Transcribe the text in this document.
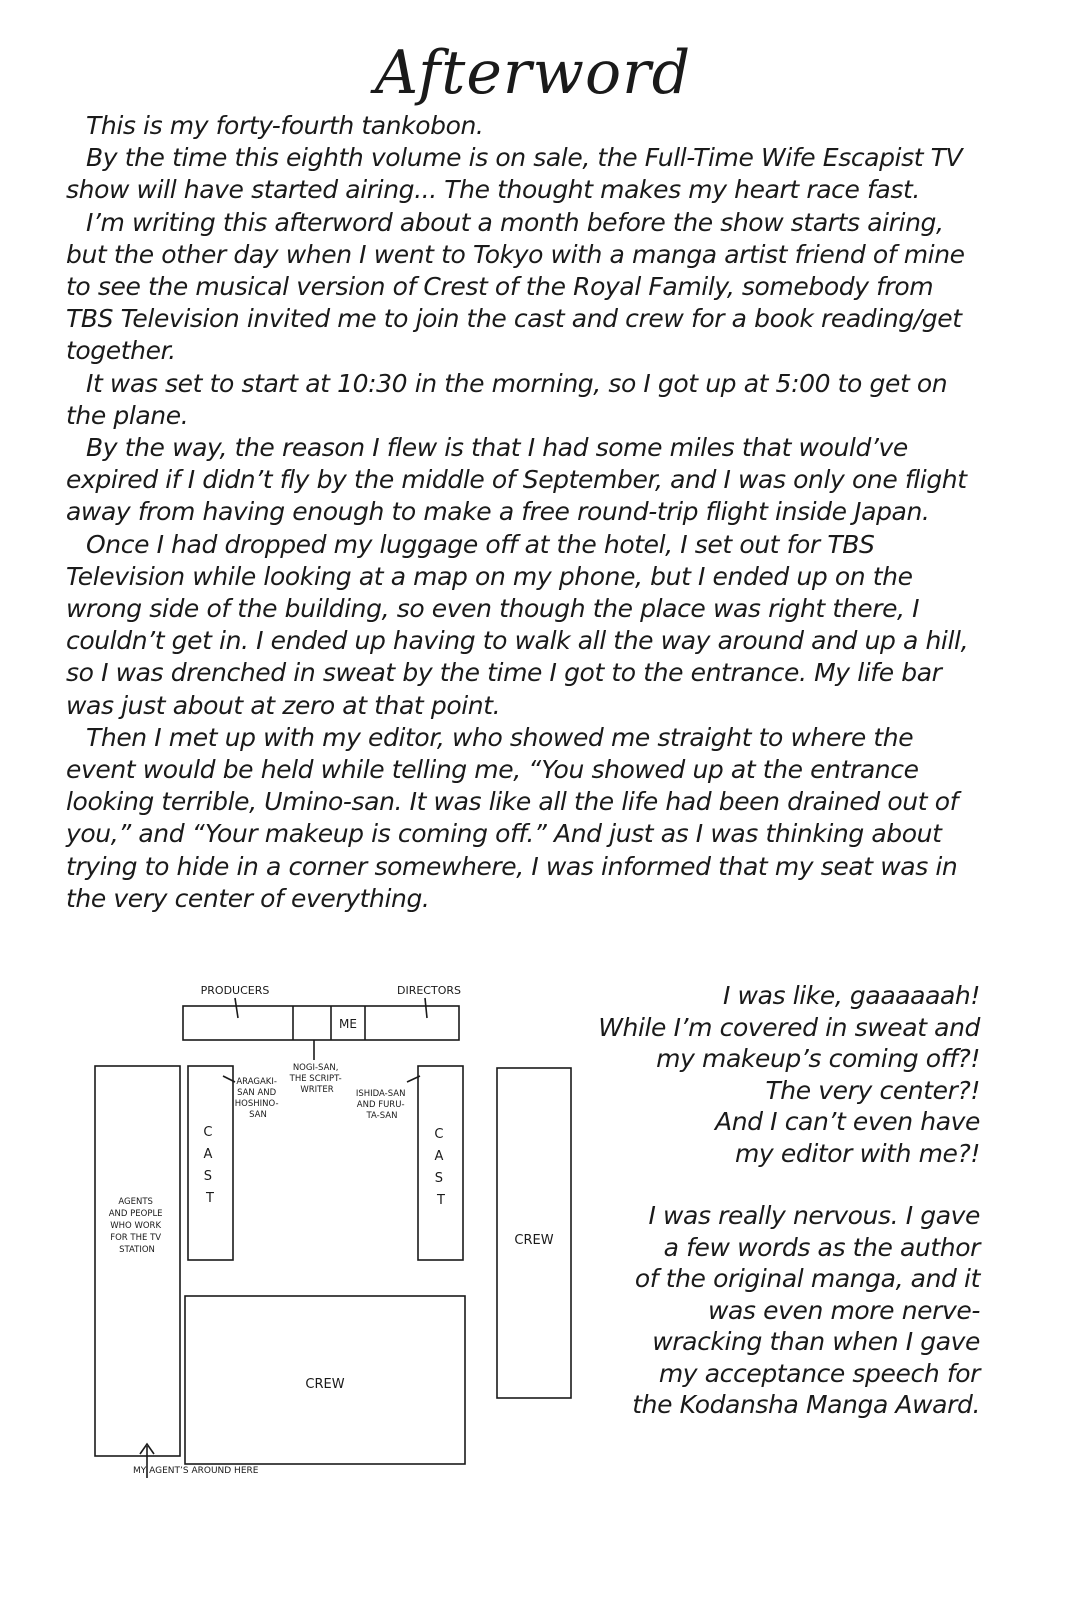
Afterword

This is my forty-fourth tankobon.

By the time this eighth volume is on sale, the Full-Time Wife Escapist TV show will have started airing... The thought makes my heart race fast.

I’m writing this afterword about a month before the show starts airing, but the other day when I went to Tokyo with a manga artist friend of mine to see the musical version of Crest of the Royal Family, somebody from TBS Television invited me to join the cast and crew for a book reading/get together.

It was set to start at 10:30 in the morning, so I got up at 5:00 to get on the plane.

By the way, the reason I flew is that I had some miles that would’ve expired if I didn’t fly by the middle of September, and I was only one flight away from having enough to make a free round-trip flight inside Japan.

Once I had dropped my luggage off at the hotel, I set out for TBS Television while looking at a map on my phone, but I ended up on the wrong side of the building, so even though the place was right there, I couldn’t get in. I ended up having to walk all the way around and up a hill, so I was drenched in sweat by the time I got to the entrance. My life bar was just about at zero at that point.

Then I met up with my editor, who showed me straight to where the event would be held while telling me, “You showed up at the entrance looking terrible, Umino-san. It was like all the life had been drained out of you,” and “Your makeup is coming off.” And just as I was thinking about trying to hide in a corner somewhere, I was informed that my seat was in the very center of everything.

I was like, gaaaaaah!

While I’m covered in sweat and

my makeup’s coming off?!

The very center?!

And I can’t even have

my editor with me?!

I was really nervous. I gave

a few words as the author

of the original manga, and it

was even more nerve-

wracking than when I gave

my acceptance speech for

the Kodansha Manga Award.

PRODUCERS	DIRECTORS
ME
NOGI-SAN, THE SCRIPT- WRITER
ARAGAKI- SAN AND HOSHINO- SAN
ISHIDA-SAN AND FURU- TA-SAN
C A S T
C A S T
AGENTS AND PEOPLE WHO WORK FOR THE TV STATION
CREW
CREW
MY AGENT’S AROUND HERE
